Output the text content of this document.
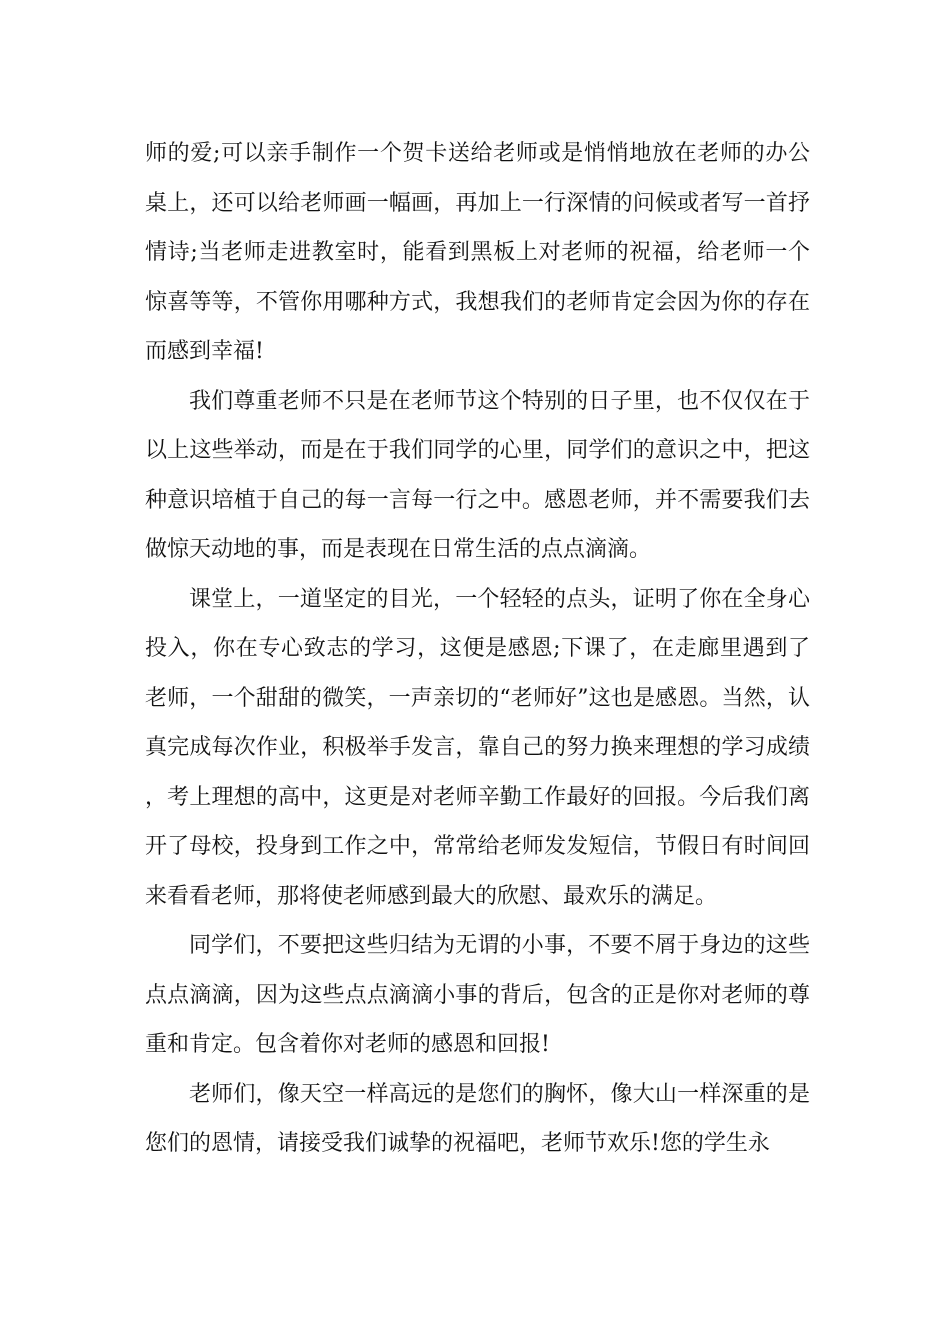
师的爱;可以亲手制作一个贺卡送给老师或是悄悄地放在老师的办公桌上，还可以给老师画一幅画，再加上一行深情的问候或者写一首抒情诗;当老师走进教室时，能看到黑板上对老师的祝福，给老师一个惊喜等等，不管你用哪种方式，我想我们的老师肯定会因为你的存在而感到幸福!

我们尊重老师不只是在老师节这个特别的日子里，也不仅仅在于以上这些举动，而是在于我们同学的心里，同学们的意识之中，把这种意识培植于自己的每一言每一行之中。感恩老师，并不需要我们去做惊天动地的事，而是表现在日常生活的点点滴滴。

课堂上，一道坚定的目光，一个轻轻的点头，证明了你在全身心投入，你在专心致志的学习，这便是感恩;下课了，在走廊里遇到了老师，一个甜甜的微笑，一声亲切的“老师好”这也是感恩。当然，认真完成每次作业，积极举手发言，靠自己的努力换来理想的学习成绩，考上理想的高中，这更是对老师辛勤工作最好的回报。今后我们离开了母校，投身到工作之中，常常给老师发发短信，节假日有时间回来看看老师，那将使老师感到最大的欣慰、最欢乐的满足。

同学们，不要把这些归结为无谓的小事，不要不屑于身边的这些点点滴滴，因为这些点点滴滴小事的背后，包含的正是你对老师的尊重和肯定。包含着你对老师的感恩和回报!

老师们，像天空一样高远的是您们的胸怀，像大山一样深重的是您们的恩情，请接受我们诚挚的祝福吧，老师节欢乐!您的学生永
